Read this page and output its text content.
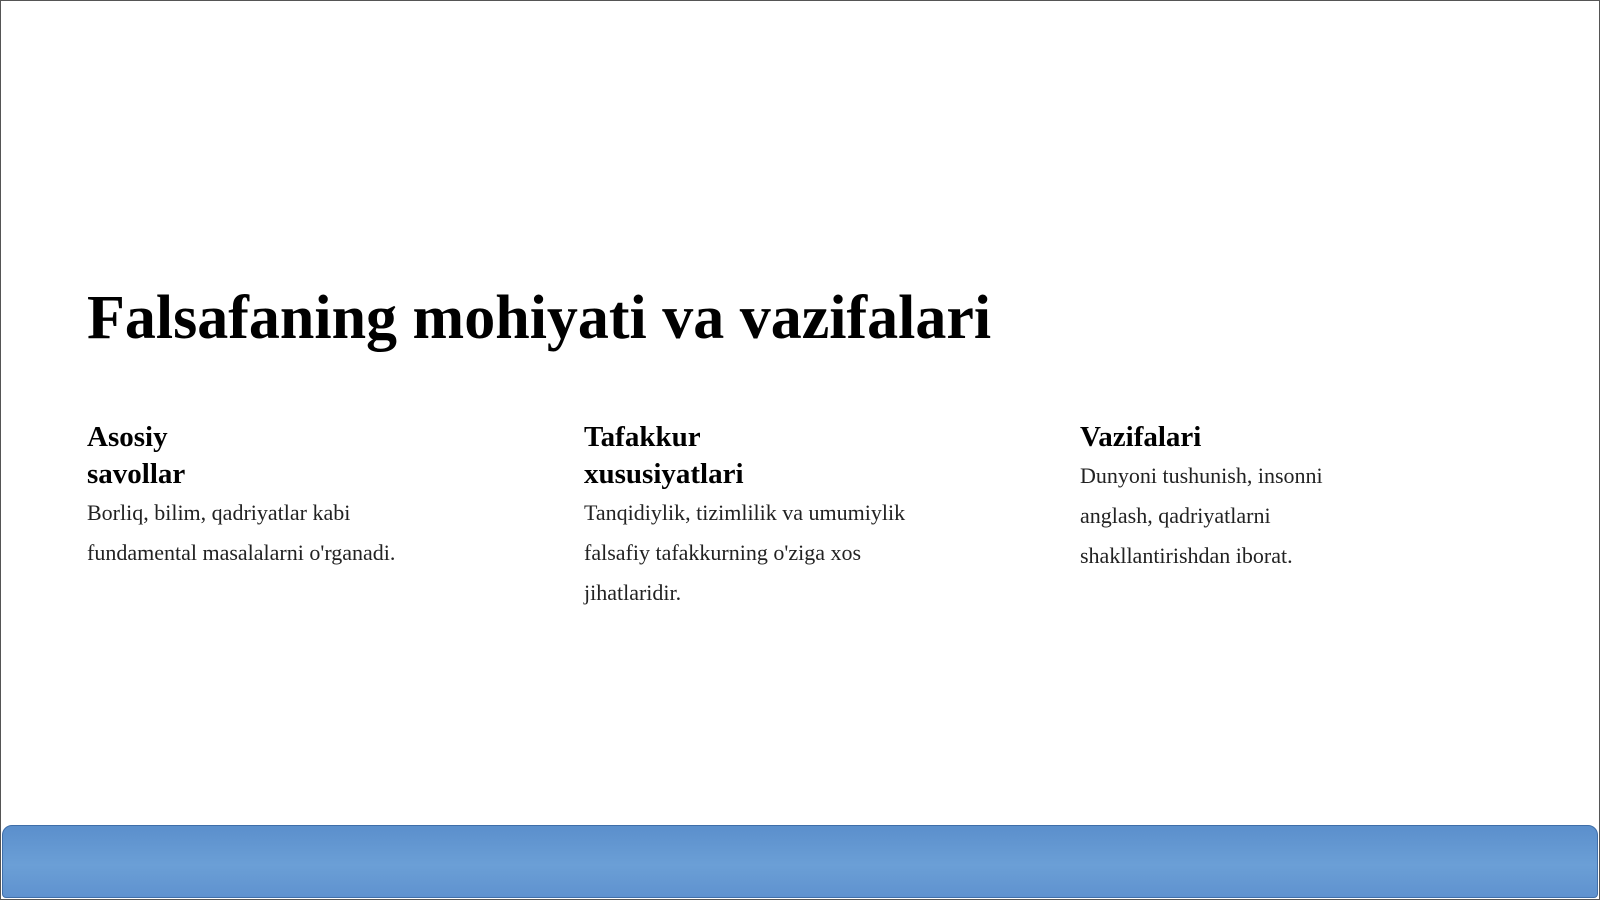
Falsafaning mohiyati va vazifalari
Asosiy savollar

Borliq, bilim, qadriyatlar kabi fundamental masalalarni o'rganadi.

Tafakkur xususiyatlari

Tanqidiylik, tizimlilik va umumiylik falsafiy tafakkurning o'ziga xos jihatlaridir.

Vazifalari

Dunyoni tushunish, insonni anglash, qadriyatlarni shakllantirishdan iborat.
